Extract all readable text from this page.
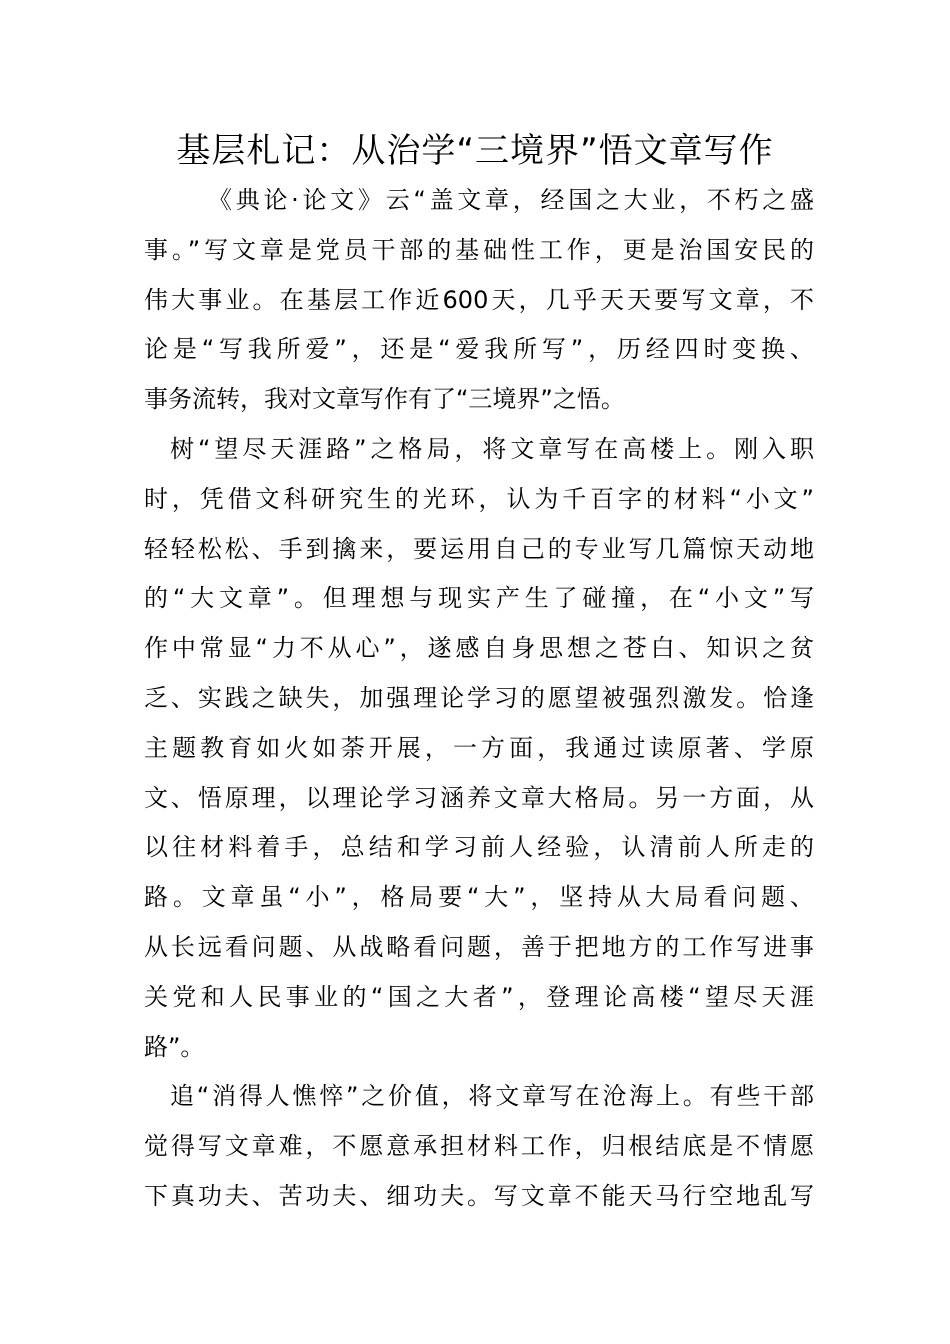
基层札记：从治学“三境界”悟文章写作

《典论·论文》云“盖文章，经国之大业，不朽之盛
事。”写文章是党员干部的基础性工作，更是治国安民的
伟大事业。在基层工作近600天，几乎天天要写文章，不
论是“写我所爱”，还是“爱我所写”，历经四时变换、
事务流转，我对文章写作有了“三境界”之悟。

树“望尽天涯路”之格局，将文章写在高楼上。刚入职
时，凭借文科研究生的光环，认为千百字的材料“小文”
轻轻松松、手到擒来，要运用自己的专业写几篇惊天动地
的“大文章”。但理想与现实产生了碰撞，在“小文”写
作中常显“力不从心”，遂感自身思想之苍白、知识之贫
乏、实践之缺失，加强理论学习的愿望被强烈激发。恰逢
主题教育如火如荼开展，一方面，我通过读原著、学原
文、悟原理，以理论学习涵养文章大格局。另一方面，从
以往材料着手，总结和学习前人经验，认清前人所走的
路。文章虽“小”，格局要“大”，坚持从大局看问题、
从长远看问题、从战略看问题，善于把地方的工作写进事
关党和人民事业的“国之大者”，登理论高楼“望尽天涯
路”。

追“消得人憔悴”之价值，将文章写在沧海上。有些干部
觉得写文章难，不愿意承担材料工作，归根结底是不情愿
下真功夫、苦功夫、细功夫。写文章不能天马行空地乱写
